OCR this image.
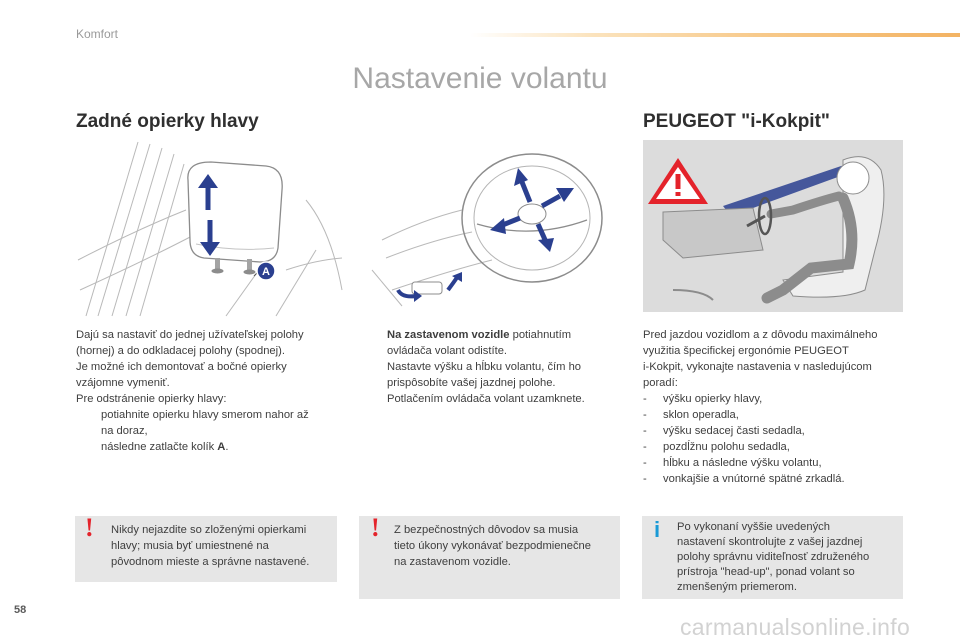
Komfort
Nastavenie volantu
Zadné opierky hlavy	PEUGEOT "i-Kokpit"
A
Dajú sa nastaviť do jednej užívateľskej polohy
(hornej) a do odkladacej polohy (spodnej).
Je možné ich demontovať a bočné opierky
vzájomne vymeniť.
Pre odstránenie opierky hlavy:
potiahnite opierku hlavy smerom nahor až
na doraz,
následne zatlačte kolík A.
Na zastavenom vozidle potiahnutím
ovládača volant odistíte.
Nastavte výšku a hĺbku volantu, čím ho
prispôsobíte vašej jazdnej polohe.
Potlačením ovládača volant uzamknete.
Pred jazdou vozidlom a z dôvodu maximálneho
využitia špecifickej ergonómie PEUGEOT
i-Kokpit, vykonajte nastavenia v nasledujúcom
poradí:
- výšku opierky hlavy,
- sklon operadla,
- výšku sedacej časti sedadla,
- pozdĺžnu polohu sedadla,
- hĺbku a následne výšku volantu,
- vonkajšie a vnútorné spätné zrkadlá.
! Nikdy nejazdite so zloženými opierkami
hlavy; musia byť umiestnené na
pôvodnom mieste a správne nastavené.
! Z bezpečnostných dôvodov sa musia
tieto úkony vykonávať bezpodmienečne
na zastavenom vozidle.
i Po vykonaní vyššie uvedených
nastavení skontrolujte z vašej jazdnej
polohy správnu viditeľnosť združeného
prístroja "head-up", ponad volant so
zmenšeným priemerom.
58
carmanualsonline.info
